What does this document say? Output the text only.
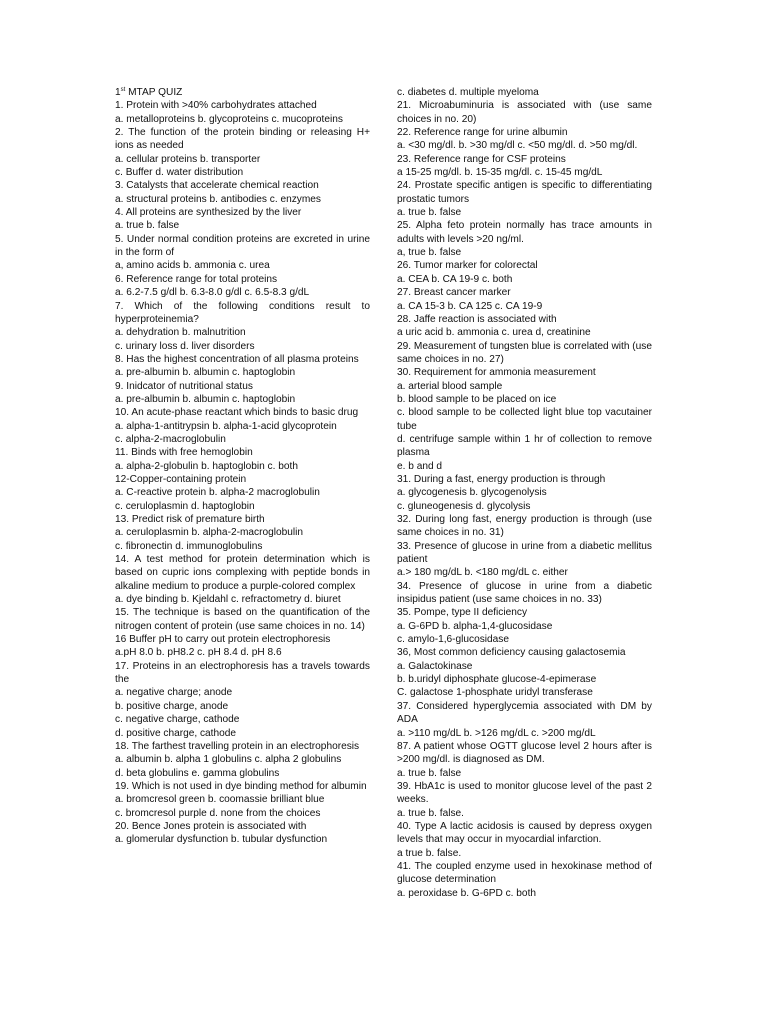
1st MTAP QUIZ
1. Protein with >40% carbohydrates attached
a. metalloproteins b. glycoproteins c. mucoproteins
2. The function of the protein binding or releasing H+ ions as needed
a. cellular proteins b. transporter
c. Buffer d. water distribution
3. Catalysts that accelerate chemical reaction
a. structural proteins b. antibodies c. enzymes
4. All proteins are synthesized by the liver
a. true b. false
5. Under normal condition proteins are excreted in urine in the form of
a, amino acids b. ammonia c. urea
6. Reference range for total proteins
a. 6.2-7.5 g/dl b. 6.3-8.0 g/dl c. 6.5-8.3 g/dL
7. Which of the following conditions result to hyperproteinemia?
a. dehydration b. malnutrition
c. urinary loss d. liver disorders
8. Has the highest concentration of all plasma proteins
a. pre-albumin b. albumin c. haptoglobin
9. Inidcator of nutritional status
a. pre-albumin b. albumin c. haptoglobin
10. An acute-phase reactant which binds to basic drug
a. alpha-1-antitrypsin b. alpha-1-acid glycoprotein
c. alpha-2-macroglobulin
11. Binds with free hemoglobin
a. alpha-2-globulin b. haptoglobin c. both
12-Copper-containing protein
a. C-reactive protein b. alpha-2 macroglobulin
c. ceruloplasmin d. haptoglobin
13. Predict risk of premature birth
a. ceruloplasmin b. alpha-2-macroglobulin
c. fibronectin d. immunoglobulins
14. A test method for protein determination which is based on cupric ions complexing with peptide bonds in alkaline medium to produce a purple-colored complex
a. dye binding b. Kjeldahl c. refractometry d. biuret
15. The technique is based on the quantification of the nitrogen content of protein (use same choices in no. 14)
16 Buffer pH to carry out protein electrophoresis
a.pH 8.0 b. pH8.2 c. pH 8.4 d. pH 8.6
17. Proteins in an electrophoresis has a travels towards the
a. negative charge; anode
b. positive charge, anode
c. negative charge, cathode
d. positive charge, cathode
18. The farthest travelling protein in an electrophoresis
a. albumin b. alpha 1 globulins c. alpha 2 globulins
d. beta globulins e. gamma globulins
19. Which is not used in dye binding method for albumin
a. bromcresol green b. coomassie brilliant blue
c. bromcresol purple d. none from the choices
20. Bence Jones protein is associated with
a. glomerular dysfunction b. tubular dysfunction
c. diabetes d. multiple myeloma
21. Microabuminuria is associated with (use same choices in no. 20)
22. Reference range for urine albumin
a. <30 mg/dl. b. >30 mg/dl c. <50 mg/dl. d. >50 mg/dl.
23. Reference range for CSF proteins
a 15-25 mg/dl. b. 15-35 mg/dl. c. 15-45 mg/dL
24. Prostate specific antigen is specific to differentiating prostatic tumors
a. true b. false
25. Alpha feto protein normally has trace amounts in adults with levels >20 ng/ml.
a, true b. false
26. Tumor marker for colorectal
a. CEA b. CA 19-9 c. both
27. Breast cancer marker
a. CA 15-3 b. CA 125 c. CA 19-9
28. Jaffe reaction is associated with
a uric acid b. ammonia c. urea d, creatinine
29. Measurement of tungsten blue is correlated with (use same choices in no. 27)
30. Requirement for ammonia measurement
a. arterial blood sample
b. blood sample to be placed on ice
c. blood sample to be collected light blue top vacutainer tube
d. centrifuge sample within 1 hr of collection to remove plasma
e. b and d
31. During a fast, energy production is through
a. glycogenesis b. glycogenolysis
c. gluneogenesis d. glycolysis
32. During long fast, energy production is through (use same choices in no. 31)
33. Presence of glucose in urine from a diabetic mellitus patient
a.> 180 mg/dL b. <180 mg/dL c. either
34. Presence of glucose in urine from a diabetic insipidus patient (use same choices in no. 33)
35. Pompe, type II deficiency
a. G-6PD b. alpha-1,4-glucosidase
c. amylo-1,6-glucosidase
36, Most common deficiency causing galactosemia
a. Galactokinase
b. b.uridyl diphosphate glucose-4-epimerase
C. galactose 1-phosphate uridyl transferase
37. Considered hyperglycemia associated with DM by ADA
a. >110 mg/dL b. >126 mg/dL c. >200 mg/dL
87. A patient whose OGTT glucose level 2 hours after is >200 mg/dl. is diagnosed as DM.
a. true b. false
39. HbA1c is used to monitor glucose level of the past 2 weeks.
a. true b. false.
40. Type A lactic acidosis is caused by depress oxygen levels that may occur in myocardial infarction.
a true b. false.
41. The coupled enzyme used in hexokinase method of glucose determination
a. peroxidase b. G-6PD c. both
